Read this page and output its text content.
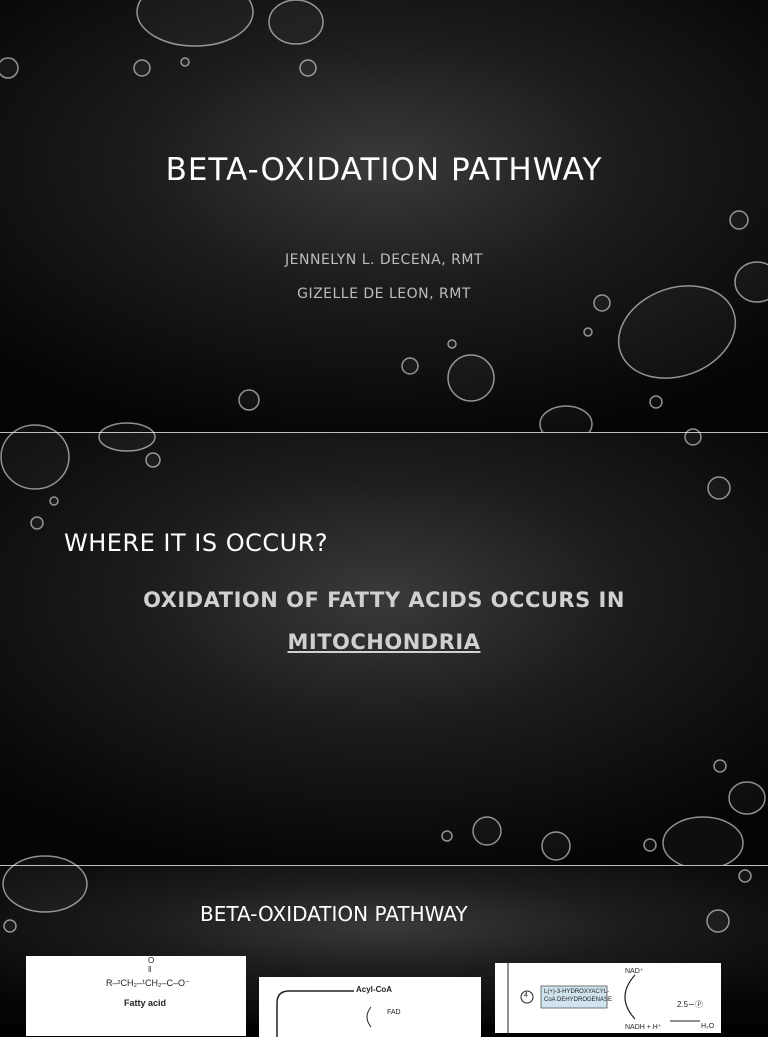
BETA-OXIDATION PATHWAY
JENNELYN L. DECENA, RMT
GIZELLE DE LEON, RMT
WHERE IT IS OCCUR?
OXIDATION OF FATTY ACIDS OCCURS IN
MITOCHONDRIA
BETA-OXIDATION PATHWAY
O
‖
R–²CH₂–¹CH₂–C–O⁻
Fatty acid
Acyl-CoA
FAD
4	L(+)-3-HYDROXYACYL-
CoA DEHYDROGENASE
NAD⁺
2.5∼Ⓟ
NADH + H⁺	H₂O
